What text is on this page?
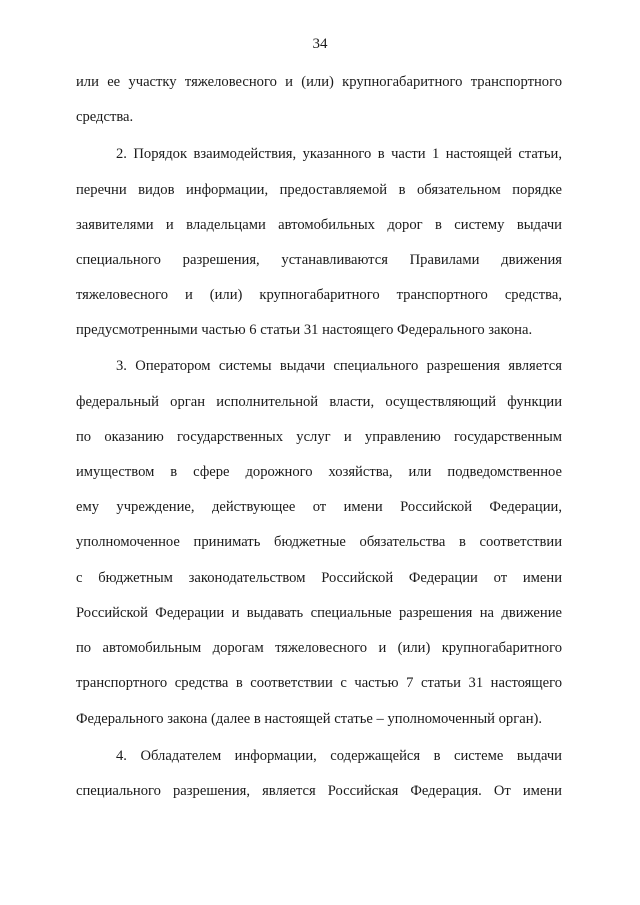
34
или ее участку тяжеловесного и (или) крупногабаритного транспортного
средства.
2. Порядок взаимодействия, указанного в части 1 настоящей статьи,
перечни видов информации, предоставляемой в обязательном порядке
заявителями и владельцами автомобильных дорог в систему выдачи
специального разрешения, устанавливаются Правилами движения
тяжеловесного и (или) крупногабаритного транспортного средства,
предусмотренными частью 6 статьи 31 настоящего Федерального закона.
3. Оператором системы выдачи специального разрешения является
федеральный орган исполнительной власти, осуществляющий функции
по оказанию государственных услуг и управлению государственным
имуществом в сфере дорожного хозяйства, или подведомственное
ему учреждение, действующее от имени Российской Федерации,
уполномоченное принимать бюджетные обязательства в соответствии
с бюджетным законодательством Российской Федерации от имени
Российской Федерации и выдавать специальные разрешения на движение
по автомобильным дорогам тяжеловесного и (или) крупногабаритного
транспортного средства в соответствии с частью 7 статьи 31 настоящего
Федерального закона (далее в настоящей статье – уполномоченный орган).
4. Обладателем информации, содержащейся в системе выдачи
специального разрешения, является Российская Федерация. От имени
